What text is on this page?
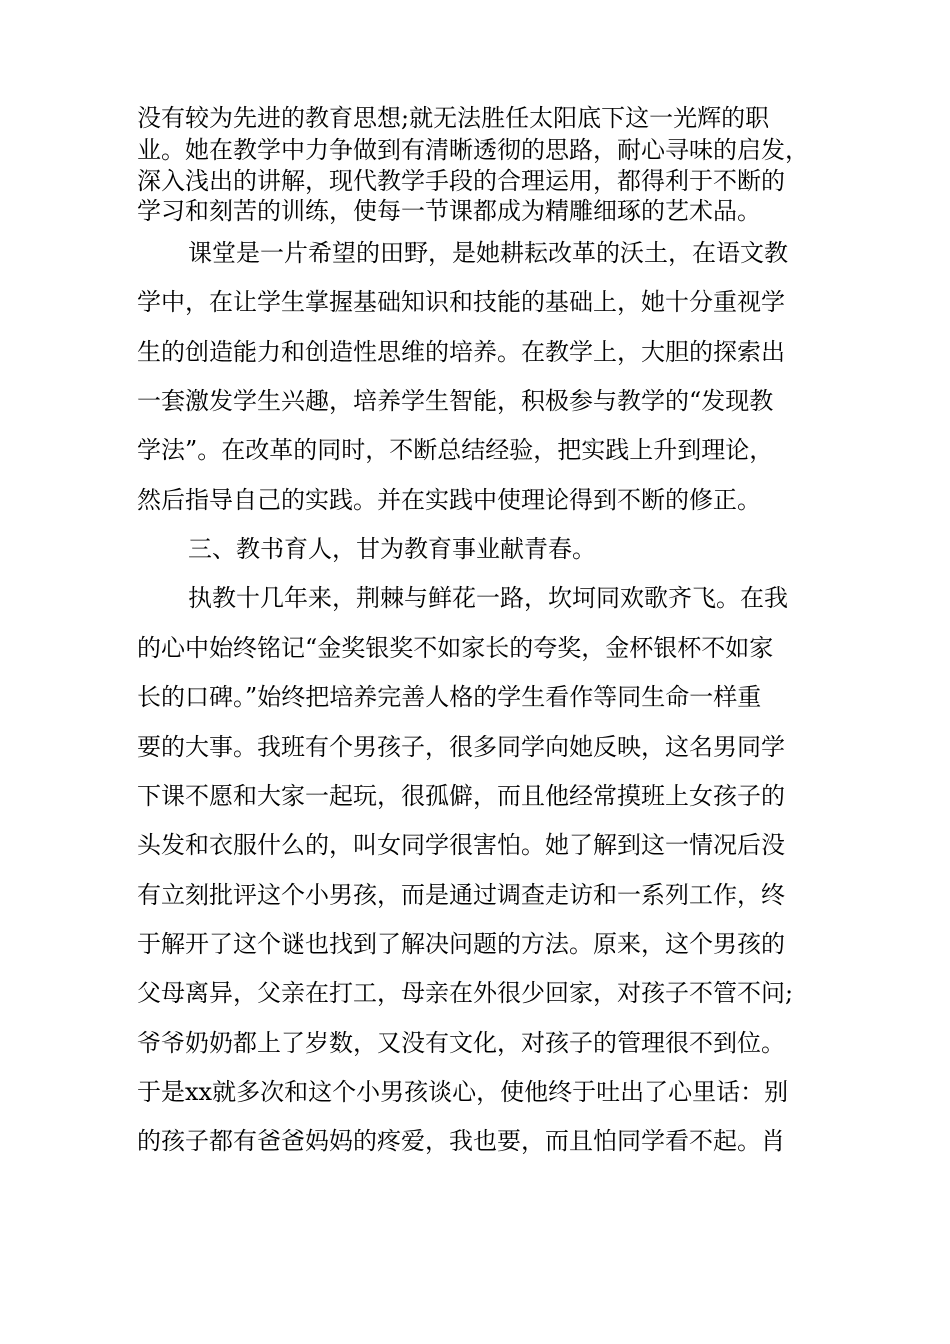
没有较为先进的教育思想;就无法胜任太阳底下这一光辉的职
业。她在教学中力争做到有清晰透彻的思路，耐心寻味的启发，
深入浅出的讲解，现代教学手段的合理运用，都得利于不断的
学习和刻苦的训练，使每一节课都成为精雕细琢的艺术品。
课堂是一片希望的田野，是她耕耘改革的沃土，在语文教
学中，在让学生掌握基础知识和技能的基础上，她十分重视学
生的创造能力和创造性思维的培养。在教学上，大胆的探索出
一套激发学生兴趣，培养学生智能，积极参与教学的“发现教
学法”。在改革的同时，不断总结经验，把实践上升到理论，
然后指导自己的实践。并在实践中使理论得到不断的修正。
三、教书育人，甘为教育事业献青春。
执教十几年来，荆棘与鲜花一路，坎坷同欢歌齐飞。在我
的心中始终铭记“金奖银奖不如家长的夸奖，金杯银杯不如家
长的口碑。”始终把培养完善人格的学生看作等同生命一样重
要的大事。我班有个男孩子，很多同学向她反映，这名男同学
下课不愿和大家一起玩，很孤僻，而且他经常摸班上女孩子的
头发和衣服什么的，叫女同学很害怕。她了解到这一情况后没
有立刻批评这个小男孩，而是通过调查走访和一系列工作，终
于解开了这个谜也找到了解决问题的方法。原来，这个男孩的
父母离异，父亲在打工，母亲在外很少回家，对孩子不管不问;
爷爷奶奶都上了岁数，又没有文化，对孩子的管理很不到位。
于是xx就多次和这个小男孩谈心，使他终于吐出了心里话：别
的孩子都有爸爸妈妈的疼爱，我也要，而且怕同学看不起。肖
